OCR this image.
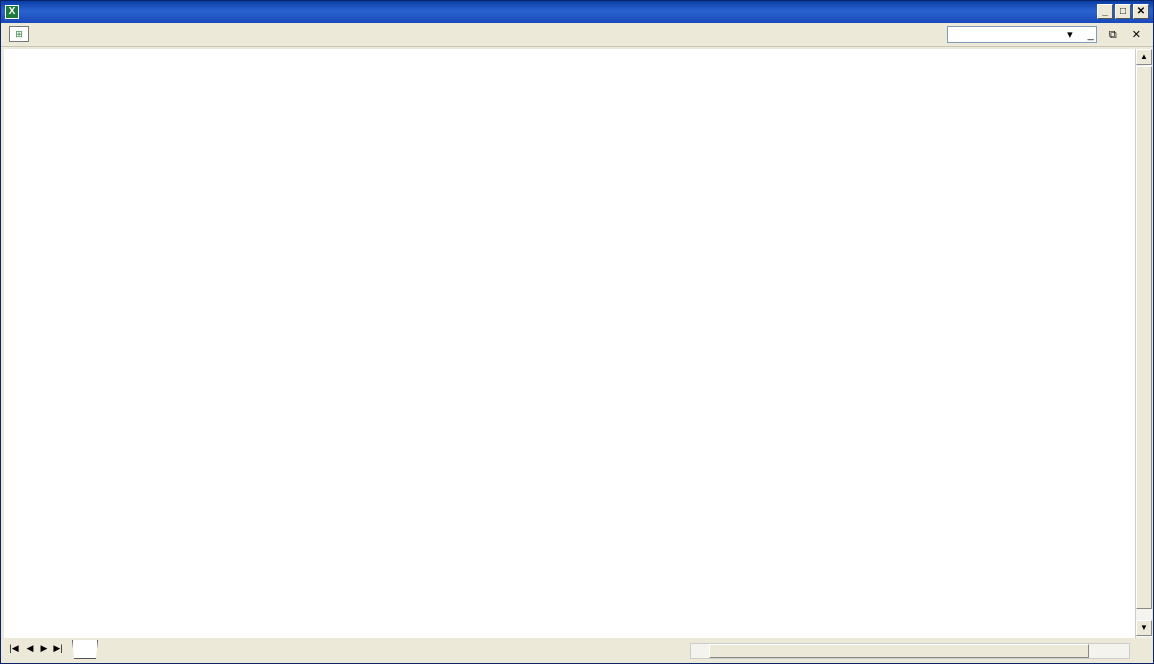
X	_	□	✕
⊞	▾ _ ⧉ ✕
▲
▼
|◀ ◀ ▶ ▶|
